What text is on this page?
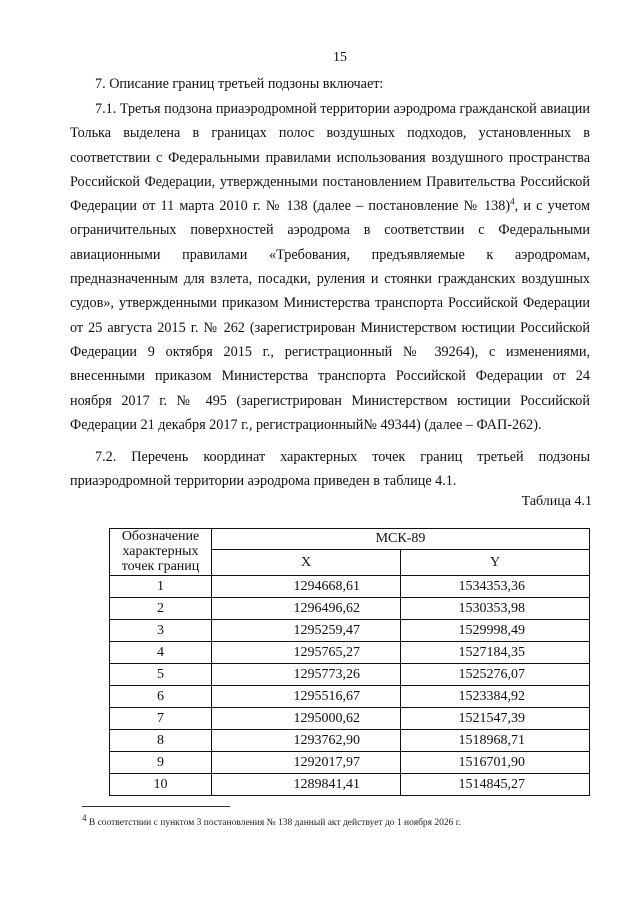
15

7. Описание границ третьей подзоны включает:

7.1. Третья подзона приаэродромной территории аэродрома гражданской авиации Толька выделена в границах полос воздушных подходов, установленных в соответствии с Федеральными правилами использования воздушного пространства Российской Федерации, утвержденными постановлением Правительства Российской Федерации от 11 марта 2010 г. № 138 (далее – постановление № 138)$^4$, и с учетом ограничительных поверхностей аэродрома в соответствии с Федеральными авиационными правилами «Требования, предъявляемые к аэродромам, предназначенным для взлета, посадки, руления и стоянки гражданских воздушных судов», утвержденными приказом Министерства транспорта Российской Федерации от 25 августа 2015 г. № 262 (зарегистрирован Министерством юстиции Российской Федерации 9 октября 2015 г., регистрационный № 39264), с изменениями, внесенными приказом Министерства транспорта Российской Федерации от 24 ноября 2017 г. № 495 (зарегистрирован Министерством юстиции Российской Федерации 21 декабря 2017 г., регистрационный№ 49344) (далее – ФАП-262).

7.2. Перечень координат характерных точек границ третьей подзоны приаэродромной территории аэродрома приведен в таблице 4.1.

Таблица 4.1
Обозначение характерных точек границ	МСК-89	
	X	Y
1	1294668,61	1534353,36
2	1296496,62	1530353,98
3	1295259,47	1529998,49
4	1295765,27	1527184,35
5	1295773,26	1525276,07
6	1295516,67	1523384,92
7	1295000,62	1521547,39
8	1293762,90	1518968,71
9	1292017,97	1516701,90
10	1289841,41	1514845,27
$^4$ В соответствии с пунктом 3 постановления № 138 данный акт действует до 1 ноября 2026 г.
